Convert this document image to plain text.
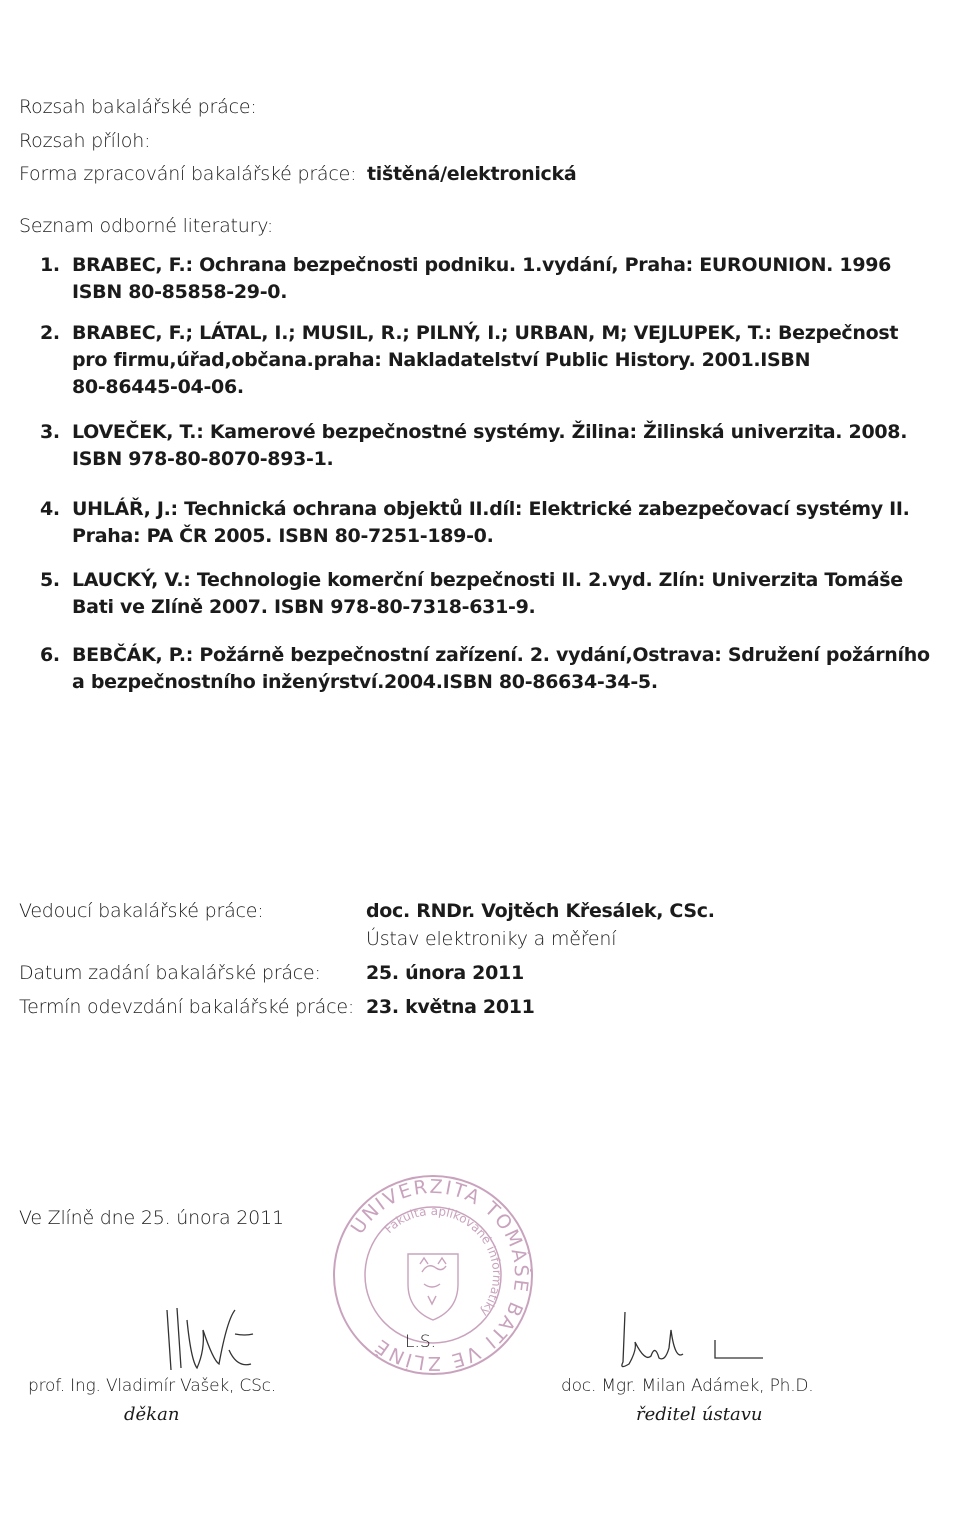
Rozsah bakalářské práce:
Rozsah příloh:
Forma zpracování bakalářské práce: tištěná/elektronická
Seznam odborné literatury:
1. BRABEC, F.: Ochrana bezpečnosti podniku. 1.vydání, Praha: EUROUNION. 1996
ISBN 80-85858-29-0.
2. BRABEC, F.; LÁTAL, I.; MUSIL, R.; PILNÝ, I.; URBAN, M; VEJLUPEK, T.: Bezpečnost
pro firmu,úřad,občana.praha: Nakladatelství Public History. 2001.ISBN
80-86445-04-06.
3. LOVEČEK, T.: Kamerové bezpečnostné systémy. Žilina: Žilinská univerzita. 2008.
ISBN 978-80-8070-893-1.
4. UHLÁŘ, J.: Technická ochrana objektů II.díl: Elektrické zabezpečovací systémy II.
Praha: PA ČR 2005. ISBN 80-7251-189-0.
5. LAUCKÝ, V.: Technologie komerční bezpečnosti II. 2.vyd. Zlín: Univerzita Tomáše
Bati ve Zlíně 2007. ISBN 978-80-7318-631-9.
6. BEBČÁK, P.: Požárně bezpečnostní zařízení. 2. vydání,Ostrava: Sdružení požárního
a bezpečnostního inženýrství.2004.ISBN 80-86634-34-5.
Vedoucí bakalářské práce:	doc. RNDr. Vojtěch Křesálek, CSc.
Ústav elektroniky a měření
Datum zadání bakalářské práce: 25. února 2011
Termín odevzdání bakalářské práce: 23. května 2011
Ve Zlíně dne 25. února 2011	UNIVERZITA TOMÁŠE BATI VE ZLÍNĚ
Fakulta aplikované informatiky
L.S.
prof. Ing. Vladimír Vašek, CSc.
děkan
doc. Mgr. Milan Adámek, Ph.D.
ředitel ústavu
